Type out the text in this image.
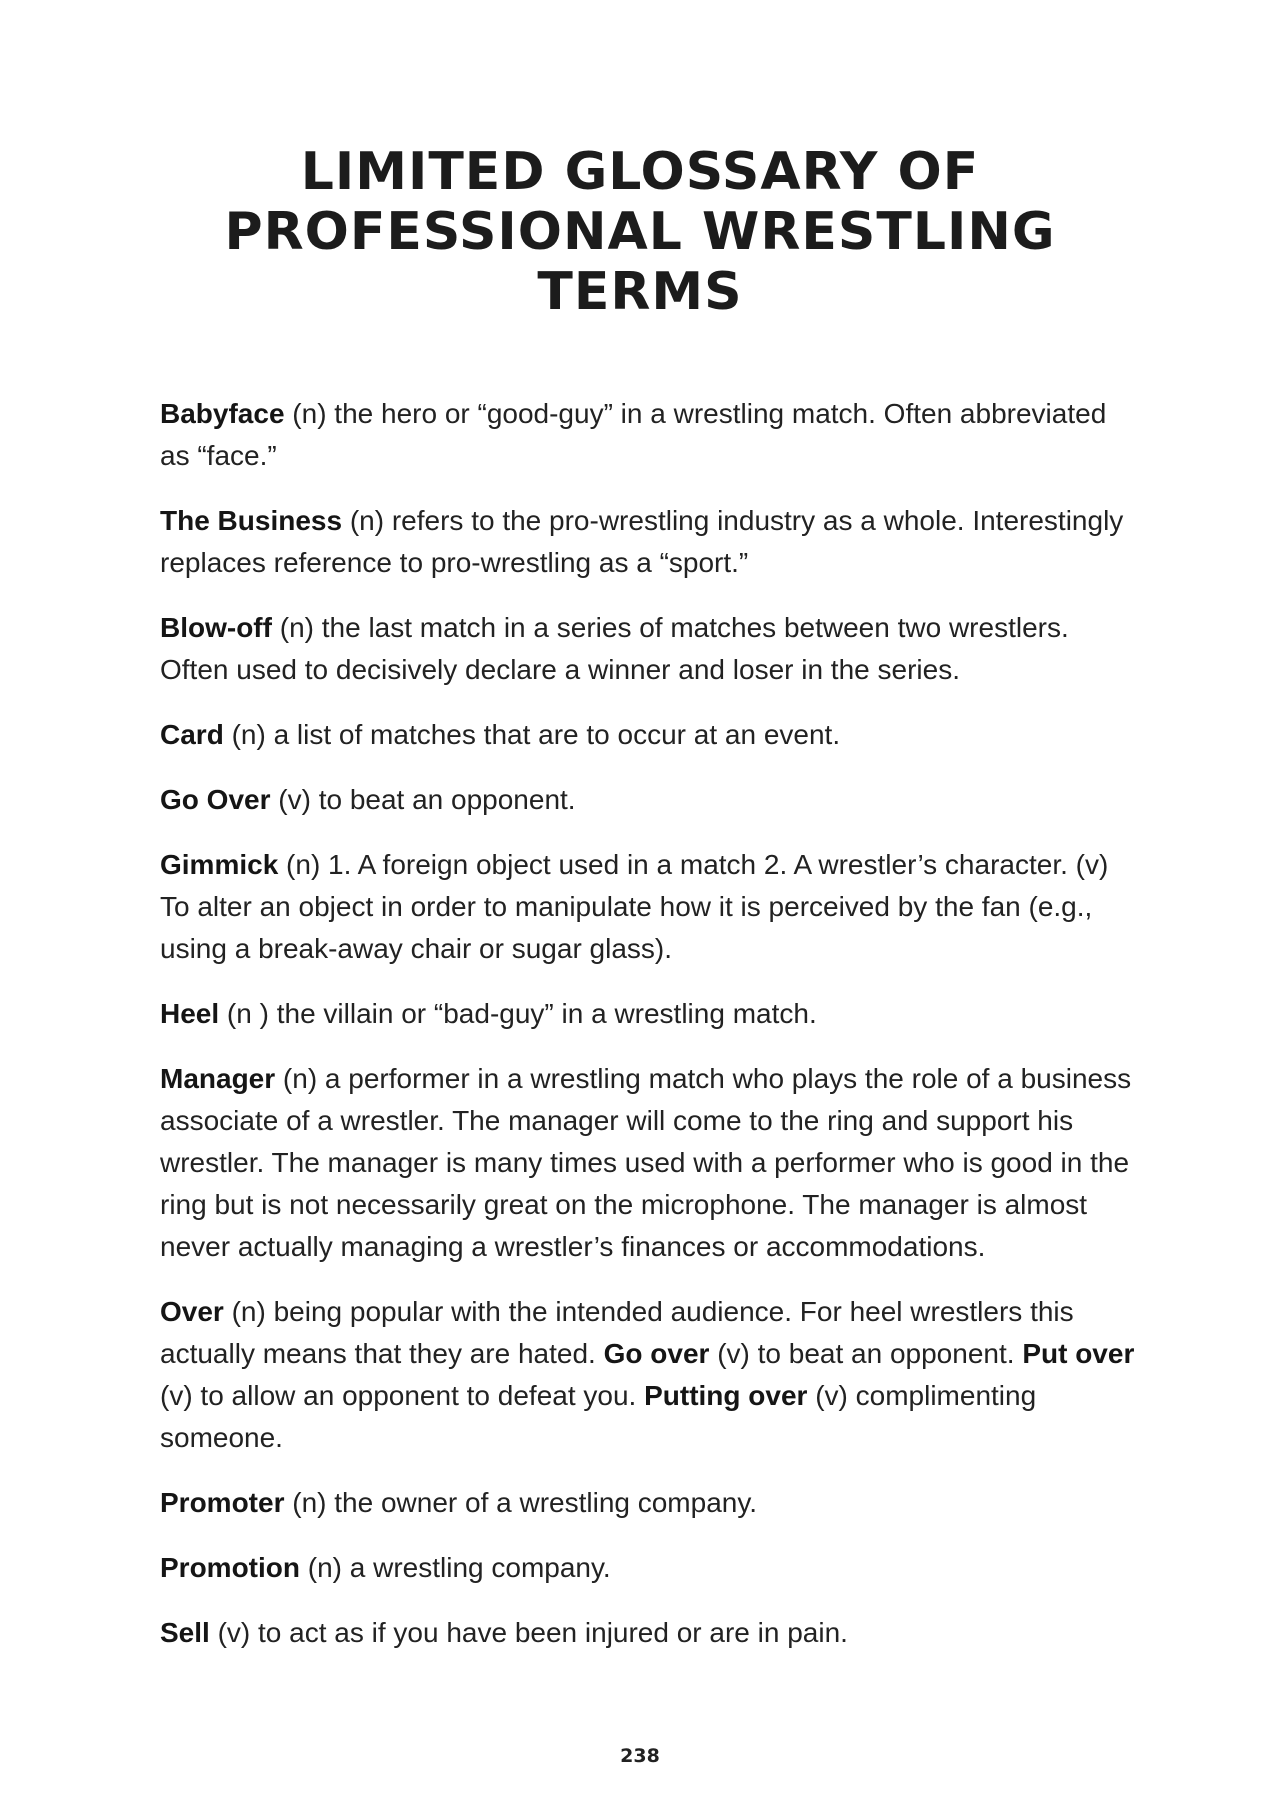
LIMITED GLOSSARY OF
PROFESSIONAL WRESTLING
TERMS

Babyface (n) the hero or “good-guy” in a wrestling match. Often abbreviated as “face.”

The Business (n) refers to the pro-wrestling industry as a whole. Interestingly replaces reference to pro-wrestling as a “sport.”

Blow-off (n) the last match in a series of matches between two wrestlers. Often used to decisively declare a winner and loser in the series.

Card (n) a list of matches that are to occur at an event.

Go Over (v) to beat an opponent.

Gimmick (n) 1. A foreign object used in a match 2. A wrestler’s character. (v) To alter an object in order to manipulate how it is perceived by the fan (e.g., using a break-away chair or sugar glass).

Heel (n ) the villain or “bad-guy” in a wrestling match.

Manager (n) a performer in a wrestling match who plays the role of a business associate of a wrestler. The manager will come to the ring and support his wrestler. The manager is many times used with a performer who is good in the ring but is not necessarily great on the microphone. The manager is almost never actually managing a wrestler’s finances or accommodations.

Over (n) being popular with the intended audience. For heel wrestlers this actually means that they are hated. Go over (v) to beat an opponent. Put over (v) to allow an opponent to defeat you. Putting over (v) complimenting someone.

Promoter (n) the owner of a wrestling company.

Promotion (n) a wrestling company.

Sell (v) to act as if you have been injured or are in pain.

238
